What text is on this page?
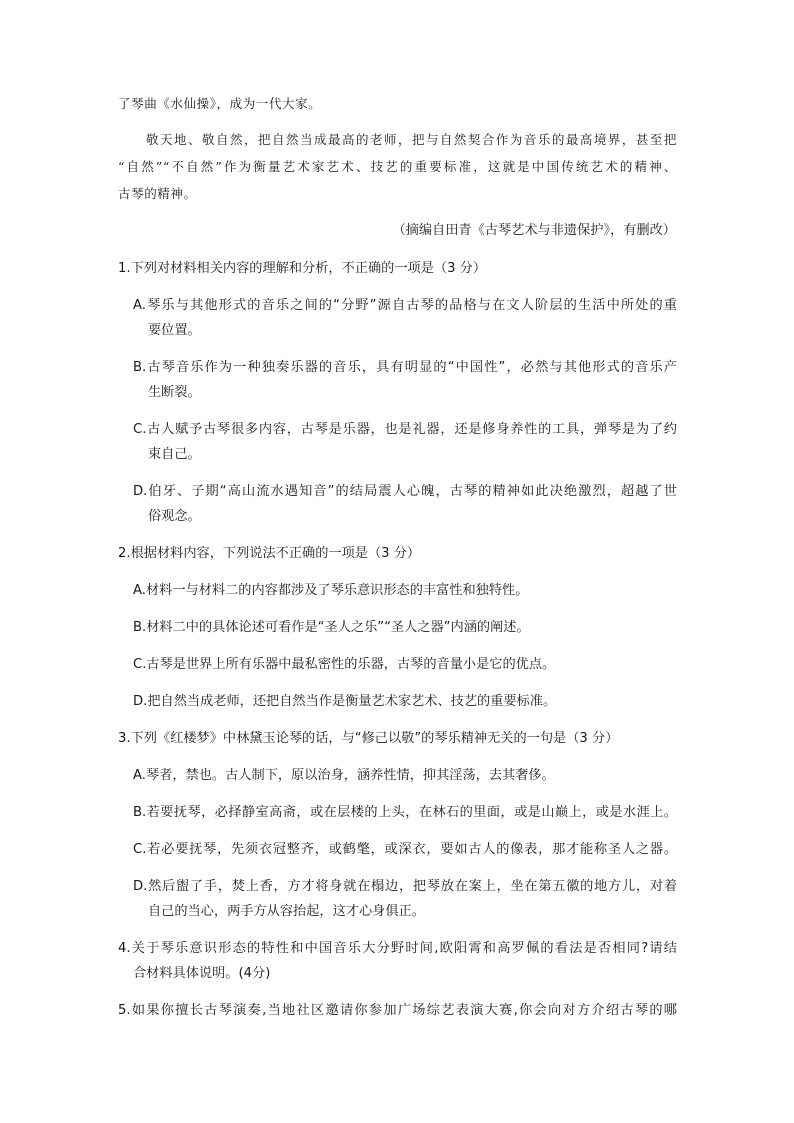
了琴曲《水仙操》，成为一代大家。
敬天地、敬自然，把自然当成最高的老师，把与自然契合作为音乐的最高境界，甚至把
“自然”“不自然”作为衡量艺术家艺术、技艺的重要标准，这就是中国传统艺术的精神、
古琴的精神。
（摘编自田青《古琴艺术与非遗保护》，有删改）
1.下列对材料相关内容的理解和分析，不正确的一项是（3 分）
A.琴乐与其他形式的音乐之间的“分野”源自古琴的品格与在文人阶层的生活中所处的重
要位置。
B.古琴音乐作为一种独奏乐器的音乐，具有明显的“中国性”，必然与其他形式的音乐产
生断裂。
C.古人赋予古琴很多内容，古琴是乐器，也是礼器，还是修身养性的工具，弹琴是为了约
束自己。
D.伯牙、子期“高山流水遇知音”的结局震人心魄，古琴的精神如此决绝激烈，超越了世
俗观念。
2.根据材料内容，下列说法不正确的一项是（3 分）
A.材料一与材料二的内容都涉及了琴乐意识形态的丰富性和独特性。
B.材料二中的具体论述可看作是“圣人之乐”“圣人之器”内涵的阐述。
C.古琴是世界上所有乐器中最私密性的乐器，古琴的音量小是它的优点。
D.把自然当成老师，还把自然当作是衡量艺术家艺术、技艺的重要标准。
3.下列《红楼梦》中林黛玉论琴的话，与“修己以敬”的琴乐精神无关的一句是（3 分）
A.琴者，禁也。古人制下，原以治身，涵养性情，抑其淫荡，去其奢侈。
B.若要抚琴，必择静室高斋，或在层楼的上头，在林石的里面，或是山巅上，或是水涯上。
C.若必要抚琴，先须衣冠整齐，或鹤氅，或深衣，要如古人的像表，那才能称圣人之器。
D.然后盥了手，焚上香，方才将身就在榻边，把琴放在案上，坐在第五徽的地方儿，对着
自己的当心，两手方从容抬起，这才心身俱正。
4.关于琴乐意识形态的特性和中国音乐大分野时间,欧阳霄和高罗佩的看法是否相同?请结
合材料具体说明。(4分)
5.如果你擅长古琴演奏,当地社区邀请你参加广场综艺表演大赛,你会向对方介绍古琴的哪
